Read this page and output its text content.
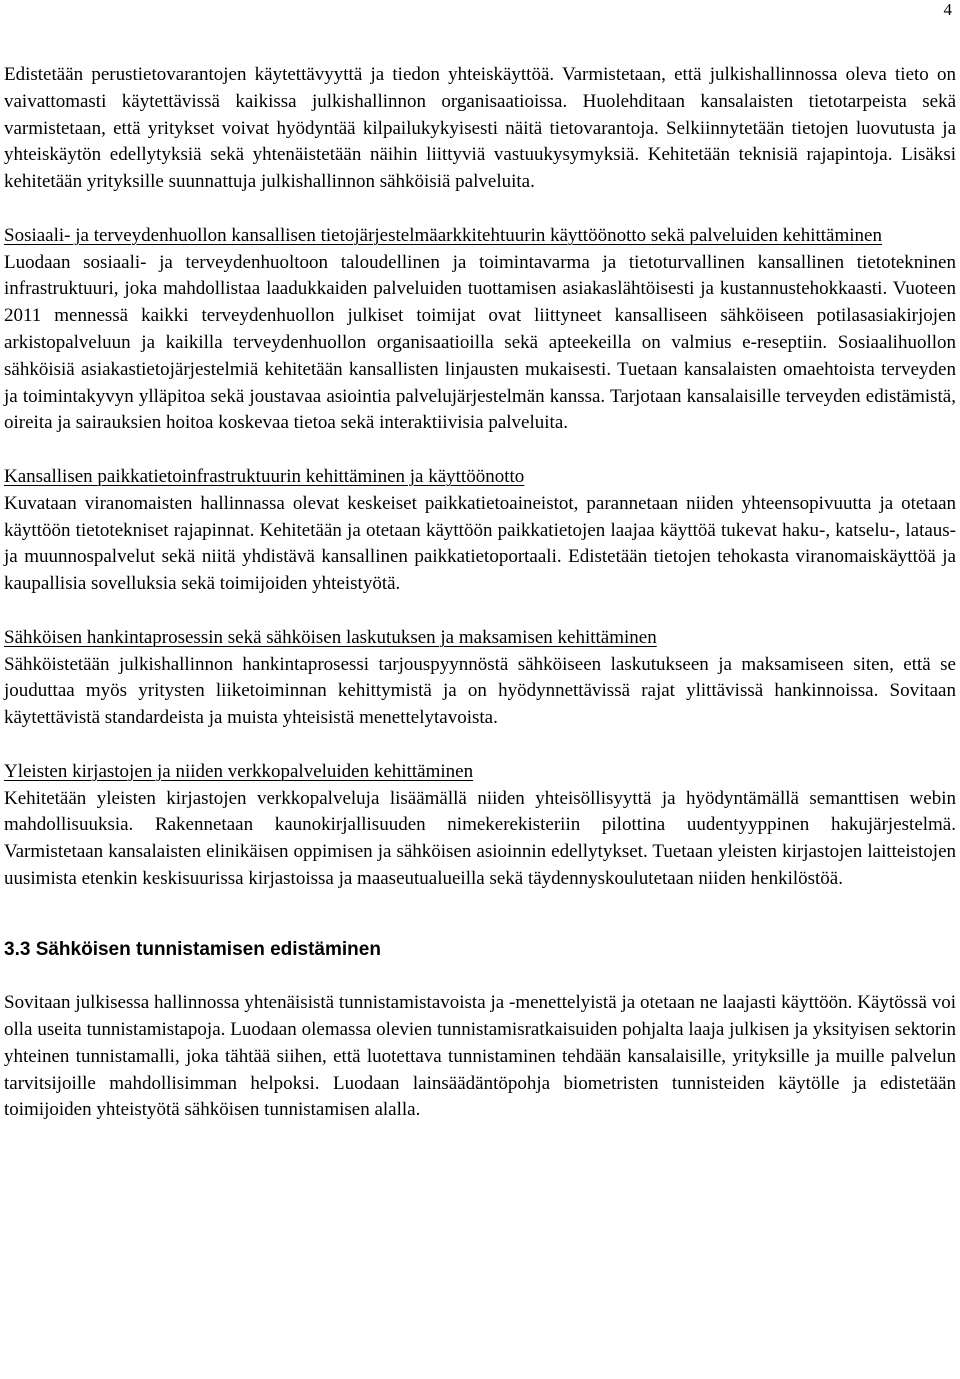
4

Edistetään perustietovarantojen käytettävyyttä ja tiedon yhteiskäyttöä. Varmistetaan, että julkishallinnossa oleva tieto on vaivattomasti käytettävissä kaikissa julkishallinnon organisaatioissa. Huolehditaan kansalaisten tietotarpeista sekä varmistetaan, että yritykset voivat hyödyntää kilpailukykyisesti näitä tietovarantoja. Selkiinnytetään tietojen luovutusta ja yhteiskäytön edellytyksiä sekä yhtenäistetään näihin liittyviä vastuukysymyksiä. Kehitetään teknisiä rajapintoja. Lisäksi kehitetään yrityksille suunnattuja julkishallinnon sähköisiä palveluita.

Sosiaali- ja terveydenhuollon kansallisen tietojärjestelmäarkkitehtuurin käyttöönotto sekä palveluiden kehittäminen

Luodaan sosiaali- ja terveydenhuoltoon taloudellinen ja toimintavarma ja tietoturvallinen kansallinen tietotekninen infrastruktuuri, joka mahdollistaa laadukkaiden palveluiden tuottamisen asiakaslähtöisesti ja kustannustehokkaasti. Vuoteen 2011 mennessä kaikki terveydenhuollon julkiset toimijat ovat liittyneet kansalliseen sähköiseen potilasasiakirjojen arkistopalveluun ja kaikilla terveydenhuollon organisaatioilla sekä apteekeilla on valmius e-reseptiin. Sosiaalihuollon sähköisiä asiakastietojärjestelmiä kehitetään kansallisten linjausten mukaisesti. Tuetaan kansalaisten omaehtoista terveyden ja toimintakyvyn ylläpitoa sekä joustavaa asiointia palvelujärjestelmän kanssa. Tarjotaan kansalaisille terveyden edistämistä, oireita ja sairauksien hoitoa koskevaa tietoa sekä interaktiivisia palveluita.

Kansallisen paikkatietoinfrastruktuurin kehittäminen ja käyttöönotto

Kuvataan viranomaisten hallinnassa olevat keskeiset paikkatietoaineistot, parannetaan niiden yhteensopivuutta ja otetaan käyttöön tietotekniset rajapinnat. Kehitetään ja otetaan käyttöön paikkatietojen laajaa käyttöä tukevat haku-, katselu-, lataus- ja muunnospalvelut sekä niitä yhdistävä kansallinen paikkatietoportaali. Edistetään tietojen tehokasta viranomaiskäyttöä ja kaupallisia sovelluksia sekä toimijoiden yhteistyötä.

Sähköisen hankintaprosessin sekä sähköisen laskutuksen ja maksamisen kehittäminen

Sähköistetään julkishallinnon hankintaprosessi tarjouspyynnöstä sähköiseen laskutukseen ja maksamiseen siten, että se jouduttaa myös yritysten liiketoiminnan kehittymistä ja on hyödynnettävissä rajat ylittävissä hankinnoissa. Sovitaan käytettävistä standardeista ja muista yhteisistä menettelytavoista.

Yleisten kirjastojen ja niiden verkkopalveluiden kehittäminen

Kehitetään yleisten kirjastojen verkkopalveluja lisäämällä niiden yhteisöllisyyttä ja hyödyntämällä semanttisen webin mahdollisuuksia. Rakennetaan kaunokirjallisuuden nimekerekisteriin pilottina uudentyyppinen hakujärjestelmä. Varmistetaan kansalaisten elinikäisen oppimisen ja sähköisen asioinnin edellytykset. Tuetaan yleisten kirjastojen laitteistojen uusimista etenkin keskisuurissa kirjastoissa ja maaseutualueilla sekä täydennyskoulutetaan niiden henkilöstöä.

3.3 Sähköisen tunnistamisen edistäminen

Sovitaan julkisessa hallinnossa yhtenäisistä tunnistamistavoista ja -menettelyistä ja otetaan ne laajasti käyttöön. Käytössä voi olla useita tunnistamistapoja. Luodaan olemassa olevien tunnistamisratkaisuiden pohjalta laaja julkisen ja yksityisen sektorin yhteinen tunnistamalli, joka tähtää siihen, että luotettava tunnistaminen tehdään kansalaisille, yrityksille ja muille palvelun tarvitsijoille mahdollisimman helpoksi. Luodaan lainsäädäntöpohja biometristen tunnisteiden käytölle ja edistetään toimijoiden yhteistyötä sähköisen tunnistamisen alalla.
